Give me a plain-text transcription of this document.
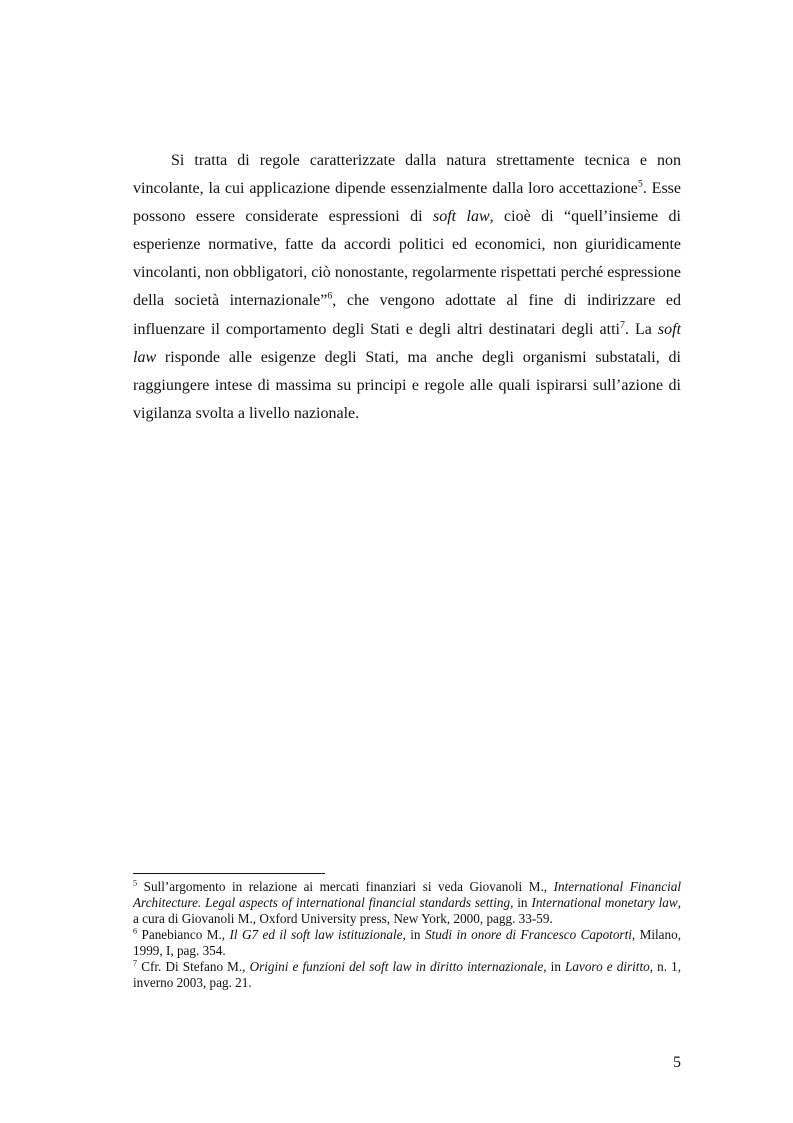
Si tratta di regole caratterizzate dalla natura strettamente tecnica e non vincolante, la cui applicazione dipende essenzialmente dalla loro accettazione$^5$. Esse possono essere considerate espressioni di soft law, cioè di “quell’insieme di esperienze normative, fatte da accordi politici ed economici, non giuridicamente vincolanti, non obbligatori, ciò nonostante, regolarmente rispettati perché espressione della società internazionale”$^6$, che vengono adottate al fine di indirizzare ed influenzare il comportamento degli Stati e degli altri destinatari degli atti$^7$. La soft law risponde alle esigenze degli Stati, ma anche degli organismi substatali, di raggiungere intese di massima su principi e regole alle quali ispirarsi sull’azione di vigilanza svolta a livello nazionale.

$^5$ Sull’argomento in relazione ai mercati finanziari si veda Giovanoli M., International Financial Architecture. Legal aspects of international financial standards setting, in International monetary law, a cura di Giovanoli M., Oxford University press, New York, 2000, pagg. 33-59.

$^6$ Panebianco M., Il G7 ed il soft law istituzionale, in Studi in onore di Francesco Capotorti, Milano, 1999, I, pag. 354.

$^7$ Cfr. Di Stefano M., Origini e funzioni del soft law in diritto internazionale, in Lavoro e diritto, n. 1, inverno 2003, pag. 21.

5
